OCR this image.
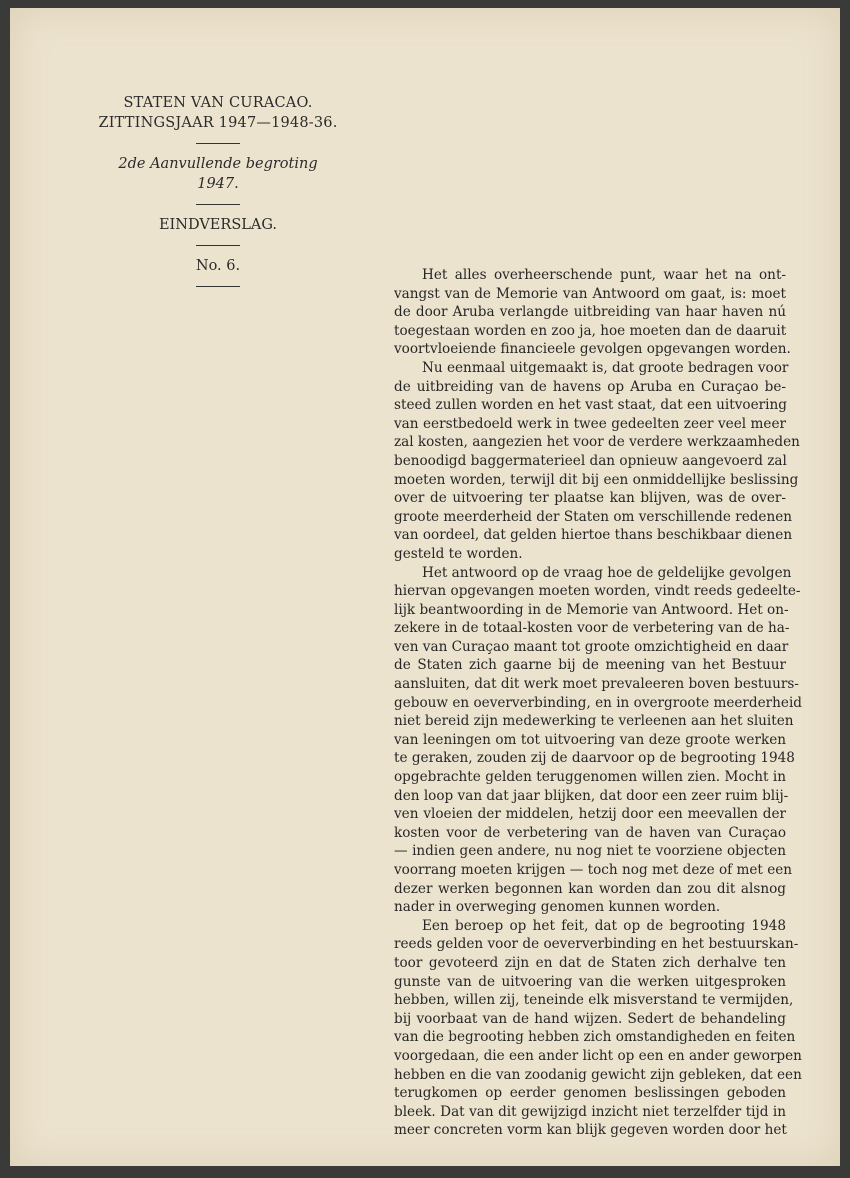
STATEN VAN CURACAO.
ZITTINGSJAAR 1947—1948-36.
2de Aanvullende begroting 1947.
EINDVERSLAG.
No. 6.

Het alles overheerschende punt, waar het na ont-
vangst van de Memorie van Antwoord om gaat, is: moet
de door Aruba verlangde uitbreiding van haar haven nú
toegestaan worden en zoo ja, hoe moeten dan de daaruit
voortvloeiende financieele gevolgen opgevangen worden.

Nu eenmaal uitgemaakt is, dat groote bedragen voor
de uitbreiding van de havens op Aruba en Curaçao be-
steed zullen worden en het vast staat, dat een uitvoering
van eerstbedoeld werk in twee gedeelten zeer veel meer
zal kosten, aangezien het voor de verdere werkzaamheden
benoodigd baggermaterieel dan opnieuw aangevoerd zal
moeten worden, terwijl dit bij een onmiddellijke beslissing
over de uitvoering ter plaatse kan blijven, was de over-
groote meerderheid der Staten om verschillende redenen
van oordeel, dat gelden hiertoe thans beschikbaar dienen
gesteld te worden.

Het antwoord op de vraag hoe de geldelijke gevolgen
hiervan opgevangen moeten worden, vindt reeds gedeelte-
lijk beantwoording in de Memorie van Antwoord. Het on-
zekere in de totaal-kosten voor de verbetering van de ha-
ven van Curaçao maant tot groote omzichtigheid en daar
de Staten zich gaarne bij de meening van het Bestuur
aansluiten, dat dit werk moet prevaleeren boven bestuurs-
gebouw en oeververbinding, en in overgroote meerderheid
niet bereid zijn medewerking te verleenen aan het sluiten
van leeningen om tot uitvoering van deze groote werken
te geraken, zouden zij de daarvoor op de begrooting 1948
opgebrachte gelden teruggenomen willen zien. Mocht in
den loop van dat jaar blijken, dat door een zeer ruim blij-
ven vloeien der middelen, hetzij door een meevallen der
kosten voor de verbetering van de haven van Curaçao
— indien geen andere, nu nog niet te voorziene objecten
voorrang moeten krijgen — toch nog met deze of met een
dezer werken begonnen kan worden dan zou dit alsnog
nader in overweging genomen kunnen worden.

Een beroep op het feit, dat op de begrooting 1948
reeds gelden voor de oeververbinding en het bestuurskan-
toor gevoteerd zijn en dat de Staten zich derhalve ten
gunste van de uitvoering van die werken uitgesproken
hebben, willen zij, teneinde elk misverstand te vermijden,
bij voorbaat van de hand wijzen. Sedert de behandeling
van die begrooting hebben zich omstandigheden en feiten
voorgedaan, die een ander licht op een en ander geworpen
hebben en die van zoodanig gewicht zijn gebleken, dat een
terugkomen op eerder genomen beslissingen geboden
bleek. Dat van dit gewijzigd inzicht niet terzelfder tijd in
meer concreten vorm kan blijk gegeven worden door het
